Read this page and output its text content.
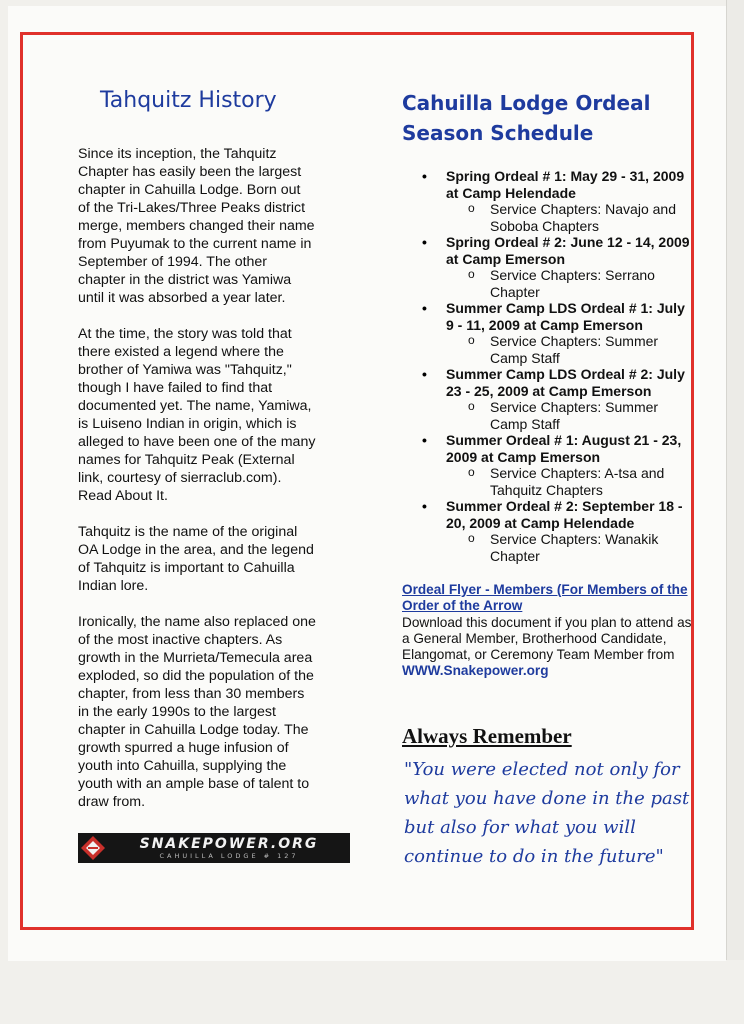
Tahquitz History

Since its inception, the Tahquitz Chapter has easily been the largest chapter in Cahuilla Lodge. Born out of the Tri-Lakes/Three Peaks district merge, members changed their name from Puyumak to the current name in September of 1994. The other chapter in the district was Yamiwa until it was absorbed a year later.

At the time, the story was told that there existed a legend where the brother of Yamiwa was "Tahquitz," though I have failed to find that documented yet. The name, Yamiwa, is Luiseno Indian in origin, which is alleged to have been one of the many names for Tahquitz Peak (External link, courtesy of sierraclub.com). Read About It.

Tahquitz is the name of the original OA Lodge in the area, and the legend of Tahquitz is important to Cahuilla Indian lore.

Ironically, the name also replaced one of the most inactive chapters. As growth in the Murrieta/Temecula area exploded, so did the population of the chapter, from less than 30 members in the early 1990s to the largest chapter in Cahuilla Lodge today. The growth spurred a huge infusion of youth into Cahuilla, supplying the youth with an ample base of talent to draw from.

Cahuilla Lodge Ordeal
Season Schedule
• Spring Ordeal # 1: May 29 - 31, 2009 at Camp Helendade
o Service Chapters: Navajo and Soboba Chapters
• Spring Ordeal # 2: June 12 - 14, 2009 at Camp Emerson
o Service Chapters: Serrano Chapter
• Summer Camp LDS Ordeal # 1: July 9 - 11, 2009 at Camp Emerson
o Service Chapters: Summer Camp Staff
• Summer Camp LDS Ordeal # 2: July 23 - 25, 2009 at Camp Emerson
o Service Chapters: Summer Camp Staff
• Summer Ordeal # 1: August 21 - 23, 2009 at Camp Emerson
o Service Chapters: A-tsa and Tahquitz Chapters
• Summer Ordeal # 2: September 18 - 20, 2009 at Camp Helendade
o Service Chapters: Wanakik Chapter
Ordeal Flyer - Members (For Members of the Order of the Arrow
Download this document if you plan to attend as a General Member, Brotherhood Candidate, Elangomat, or Ceremony Team Member from WWW.Snakepower.org
Always Remember
"You were elected not only for what you have done in the past but also for what you will continue to do in the future"
SNAKEPOWER.ORG
CAHUILLA LODGE # 127
